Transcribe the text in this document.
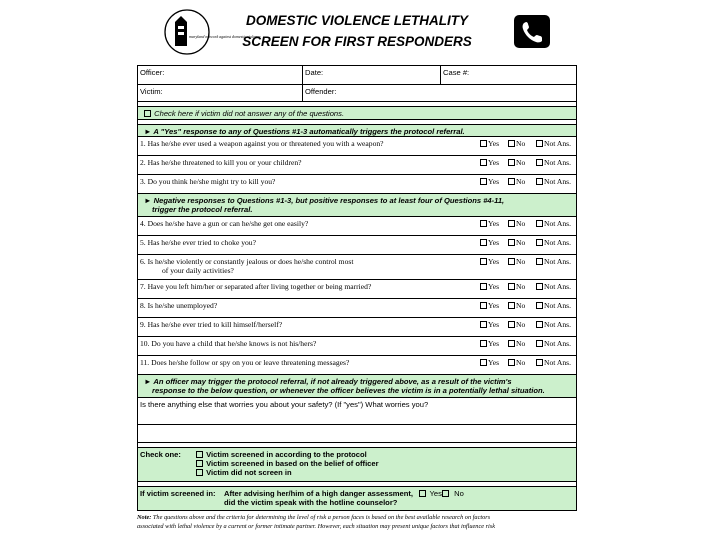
maryland network against domestic violence
DOMESTIC VIOLENCE LETHALITY
SCREEN FOR FIRST RESPONDERS
Officer:	Date:	Case #:
Victim:	Offender:
Check here if victim did not answer any of the questions.
► A "Yes" response to any of Questions #1-3 automatically triggers the protocol referral.
1. Has he/she ever used a weapon against you or threatened you with a weapon?	Yes	No	Not Ans.
2. Has he/she threatened to kill you or your children?	Yes	No	Not Ans.
3. Do you think he/she might try to kill you?	Yes	No	Not Ans.
► Negative responses to Questions #1-3, but positive responses to at least four of Questions #4-11,
trigger the protocol referral.
4. Does he/she have a gun or can he/she get one easily?	Yes	No	Not Ans.
5. Has he/she ever tried to choke you?	Yes	No	Not Ans.
6. Is he/she violently or constantly jealous or does he/she control most
of your daily activities?
Yes	No	Not Ans.
7. Have you left him/her or separated after living together or being married?	Yes	No	Not Ans.
8. Is he/she unemployed?	Yes	No	Not Ans.
9. Has he/she ever tried to kill himself/herself?	Yes	No	Not Ans.
10. Do you have a child that he/she knows is not his/hers?	Yes	No	Not Ans.
11. Does he/she follow or spy on you or leave threatening messages?	Yes	No	Not Ans.
► An officer may trigger the protocol referral, if not already triggered above, as a result of the victim's
response to the below question, or whenever the officer believes the victim is in a potentially lethal situation.
Is there anything else that worries you about your safety? (If "yes") What worries you?
Check one:	Victim screened in according to the protocol
Victim screened in based on the belief of officer
Victim did not screen in
If victim screened in:	After advising her/him of a high danger assessment, Yes No
did the victim speak with the hotline counselor?
Note: The questions above and the criteria for determining the level of risk a person faces is based on the best available research on factors
associated with lethal violence by a current or former intimate partner. However, each situation may present unique factors that influence risk
